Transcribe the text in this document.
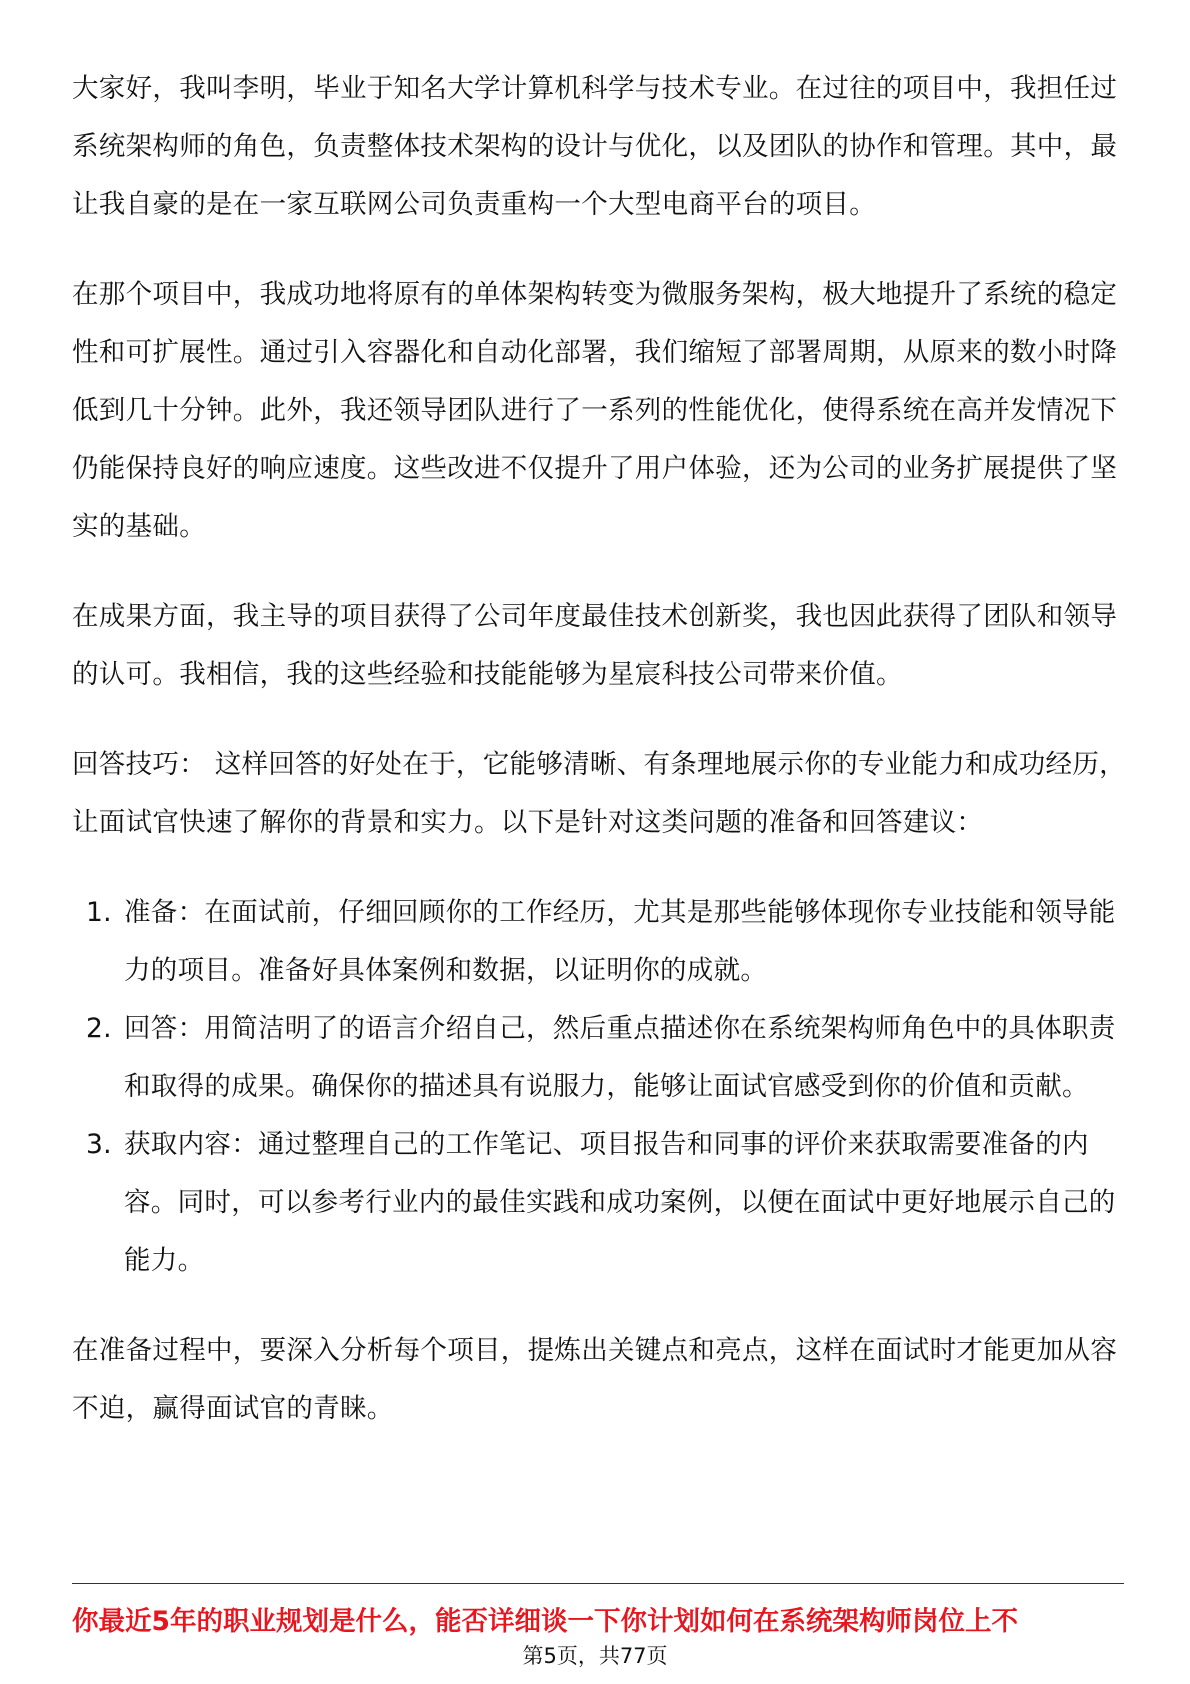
大家好，我叫李明，毕业于知名大学计算机科学与技术专业。在过往的项目中，我担任过系统架构师的角色，负责整体技术架构的设计与优化，以及团队的协作和管理。其中，最让我自豪的是在一家互联网公司负责重构一个大型电商平台的项目。

在那个项目中，我成功地将原有的单体架构转变为微服务架构，极大地提升了系统的稳定性和可扩展性。通过引入容器化和自动化部署，我们缩短了部署周期，从原来的数小时降低到几十分钟。此外，我还领导团队进行了一系列的性能优化，使得系统在高并发情况下仍能保持良好的响应速度。这些改进不仅提升了用户体验，还为公司的业务扩展提供了坚实的基础。

在成果方面，我主导的项目获得了公司年度最佳技术创新奖，我也因此获得了团队和领导的认可。我相信，我的这些经验和技能能够为星宸科技公司带来价值。

回答技巧： 这样回答的好处在于，它能够清晰、有条理地展示你的专业能力和成功经历，让面试官快速了解你的背景和实力。以下是针对这类问题的准备和回答建议：

1. 准备：在面试前，仔细回顾你的工作经历，尤其是那些能够体现你专业技能和领导能力的项目。准备好具体案例和数据，以证明你的成就。
2. 回答：用简洁明了的语言介绍自己，然后重点描述你在系统架构师角色中的具体职责和取得的成果。确保你的描述具有说服力，能够让面试官感受到你的价值和贡献。
3. 获取内容：通过整理自己的工作笔记、项目报告和同事的评价来获取需要准备的内容。同时，可以参考行业内的最佳实践和成功案例，以便在面试中更好地展示自己的能力。

在准备过程中，要深入分析每个项目，提炼出关键点和亮点，这样在面试时才能更加从容不迫，赢得面试官的青睐。

你最近5年的职业规划是什么，能否详细谈一下你计划如何在系统架构师岗位上不
第5页，共77页
